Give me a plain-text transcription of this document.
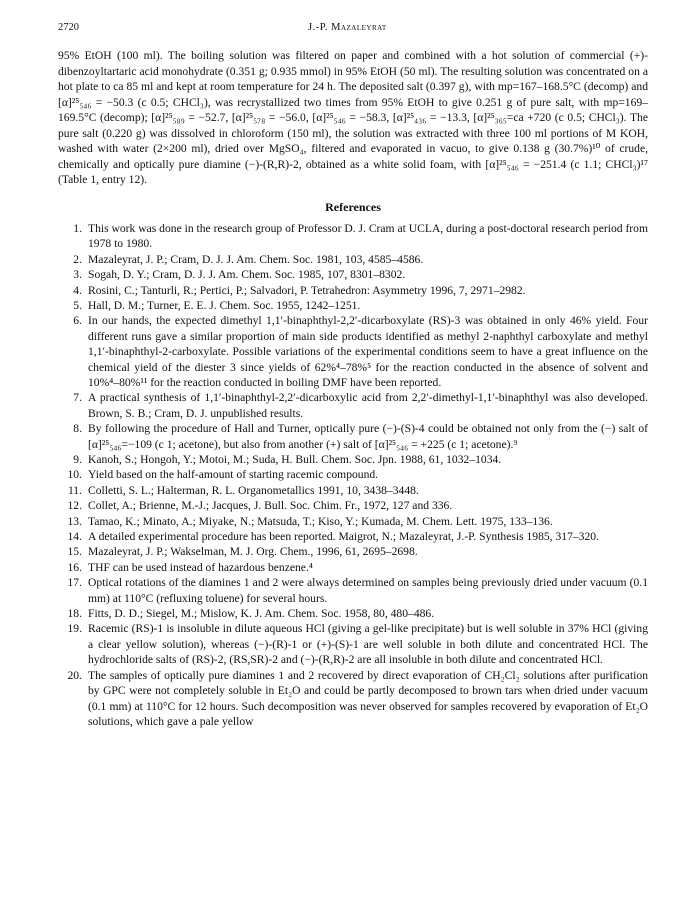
2720	J.-P. Mazaleyrat

95% EtOH (100 ml). The boiling solution was filtered on paper and combined with a hot solution of commercial (+)-dibenzoyltartaric acid monohydrate (0.351 g; 0.935 mmol) in 95% EtOH (50 ml). The resulting solution was concentrated on a hot plate to ca 85 ml and kept at room temperature for 24 h. The deposited salt (0.397 g), with mp=167–168.5°C (decomp) and [α]²⁵₅₄₆ = −50.3 (c 0.5; CHCl₃), was recrystallized two times from 95% EtOH to give 0.251 g of pure salt, with mp=169–169.5°C (decomp); [α]²⁵₅₈₉ = −52.7, [α]²⁵₅₇₈ = −56.0, [α]²⁵₅₄₆ = −58.3, [α]²⁵₄₃₆ = −13.3, [α]²⁵₃₆₅=ca +720 (c 0.5; CHCl₃). The pure salt (0.220 g) was dissolved in chloroform (150 ml), the solution was extracted with three 100 ml portions of M KOH, washed with water (2×200 ml), dried over MgSO₄, filtered and evaporated in vacuo, to give 0.138 g (30.7%)¹⁰ of crude, chemically and optically pure diamine (−)-(R,R)-2, obtained as a white solid foam, with [α]²⁵₅₄₆ = −251.4 (c 1.1; CHCl₃)¹⁷ (Table 1, entry 12).

References
1. This work was done in the research group of Professor D. J. Cram at UCLA, during a post-doctoral research period from 1978 to 1980.
2. Mazaleyrat, J. P.; Cram, D. J. J. Am. Chem. Soc. 1981, 103, 4585–4586.
3. Sogah, D. Y.; Cram, D. J. J. Am. Chem. Soc. 1985, 107, 8301–8302.
4. Rosini, C.; Tanturli, R.; Pertici, P.; Salvadori, P. Tetrahedron: Asymmetry 1996, 7, 2971–2982.
5. Hall, D. M.; Turner, E. E. J. Chem. Soc. 1955, 1242–1251.
6. In our hands, the expected dimethyl 1,1′-binaphthyl-2,2′-dicarboxylate (RS)-3 was obtained in only 46% yield. Four different runs gave a similar proportion of main side products identified as methyl 2-naphthyl carboxylate and methyl 1,1′-binaphthyl-2-carboxylate. Possible variations of the experimental conditions seem to have a great influence on the chemical yield of the diester 3 since yields of 62%⁴–78%⁵ for the reaction conducted in the absence of solvent and 10%⁴–80%¹¹ for the reaction conducted in boiling DMF have been reported.
7. A practical synthesis of 1,1′-binaphthyl-2,2′-dicarboxylic acid from 2,2′-dimethyl-1,1′-binaphthyl was also developed. Brown, S. B.; Cram, D. J. unpublished results.
8. By following the procedure of Hall and Turner, optically pure (−)-(S)-4 could be obtained not only from the (−) salt of [α]²⁵₅₄₆=−109 (c 1; acetone), but also from another (+) salt of [α]²⁵₅₄₆ = +225 (c 1; acetone).⁹
9. Kanoh, S.; Hongoh, Y.; Motoi, M.; Suda, H. Bull. Chem. Soc. Jpn. 1988, 61, 1032–1034.
10. Yield based on the half-amount of starting racemic compound.
11. Colletti, S. L.; Halterman, R. L. Organometallics 1991, 10, 3438–3448.
12. Collet, A.; Brienne, M.-J.; Jacques, J. Bull. Soc. Chim. Fr., 1972, 127 and 336.
13. Tamao, K.; Minato, A.; Miyake, N.; Matsuda, T.; Kiso, Y.; Kumada, M. Chem. Lett. 1975, 133–136.
14. A detailed experimental procedure has been reported. Maigrot, N.; Mazaleyrat, J.-P. Synthesis 1985, 317–320.
15. Mazaleyrat, J. P.; Wakselman, M. J. Org. Chem., 1996, 61, 2695–2698.
16. THF can be used instead of hazardous benzene.⁴
17. Optical rotations of the diamines 1 and 2 were always determined on samples being previously dried under vacuum (0.1 mm) at 110°C (refluxing toluene) for several hours.
18. Fitts, D. D.; Siegel, M.; Mislow, K. J. Am. Chem. Soc. 1958, 80, 480–486.
19. Racemic (RS)-1 is insoluble in dilute aqueous HCl (giving a gel-like precipitate) but is well soluble in 37% HCl (giving a clear yellow solution), whereas (−)-(R)-1 or (+)-(S)-1 are well soluble in both dilute and concentrated HCl. The hydrochloride salts of (RS)-2, (RS,SR)-2 and (−)-(R,R)-2 are all insoluble in both dilute and concentrated HCl.
20. The samples of optically pure diamines 1 and 2 recovered by direct evaporation of CH₂Cl₂ solutions after purification by GPC were not completely soluble in Et₂O and could be partly decomposed to brown tars when dried under vacuum (0.1 mm) at 110°C for 12 hours. Such decomposition was never observed for samples recovered by evaporation of Et₂O solutions, which gave a pale yellow
